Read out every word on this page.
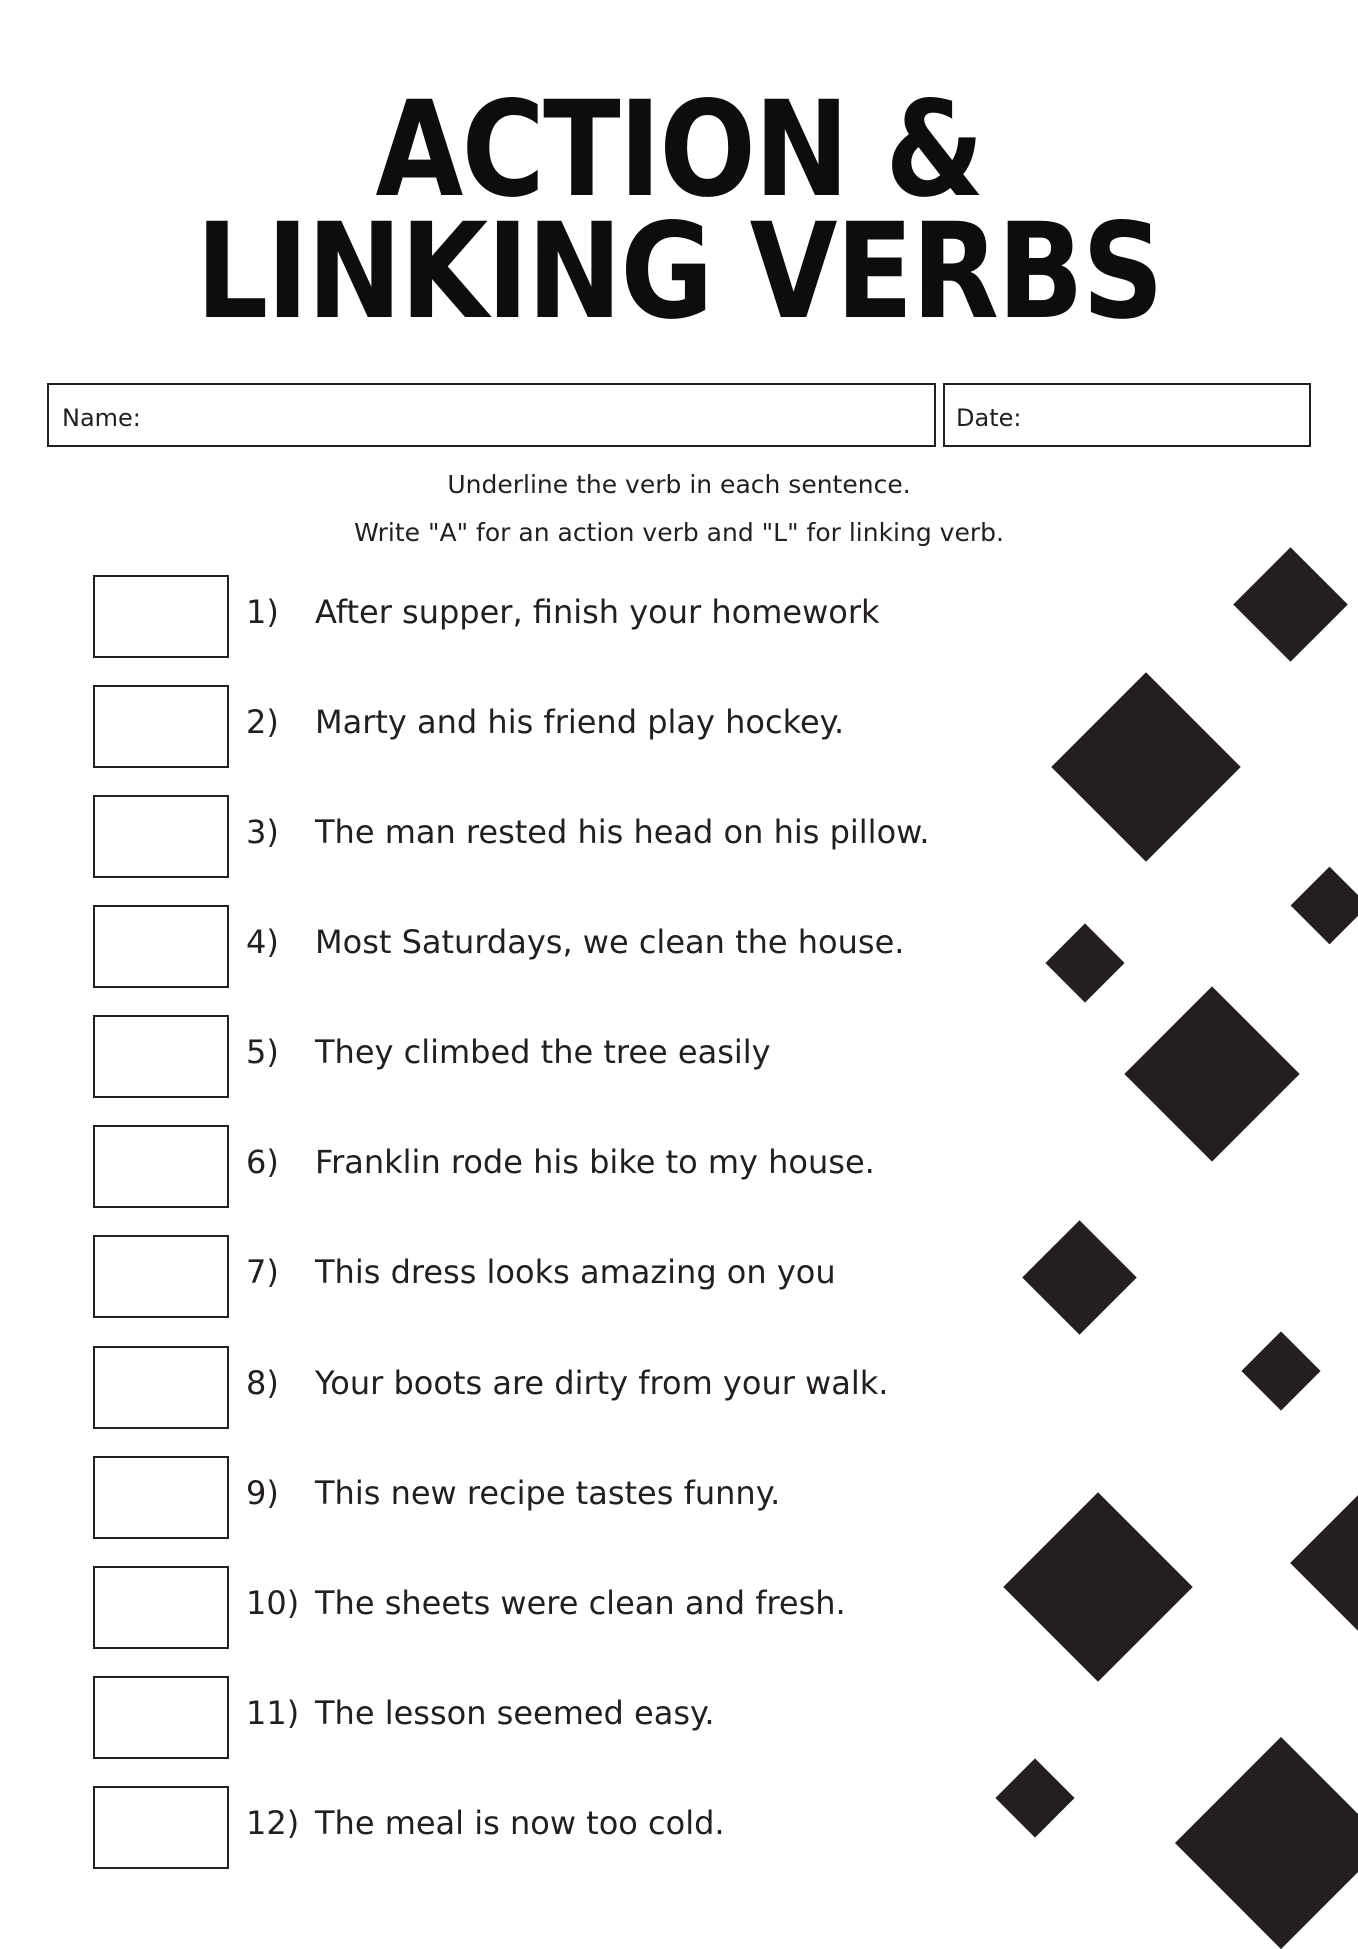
ACTION &
LINKING VERBS
Name:	Date:
Underline the verb in each sentence.
Write "A" for an action verb and "L" for linking verb.
1) After supper, finish your homework
2) Marty and his friend play hockey.
3) The man rested his head on his pillow.
4) Most Saturdays, we clean the house.
5) They climbed the tree easily
6) Franklin rode his bike to my house.
7) This dress looks amazing on you
8) Your boots are dirty from your walk.
9) This new recipe tastes funny.
10) The sheets were clean and fresh.
11) The lesson seemed easy.
12) The meal is now too cold.
